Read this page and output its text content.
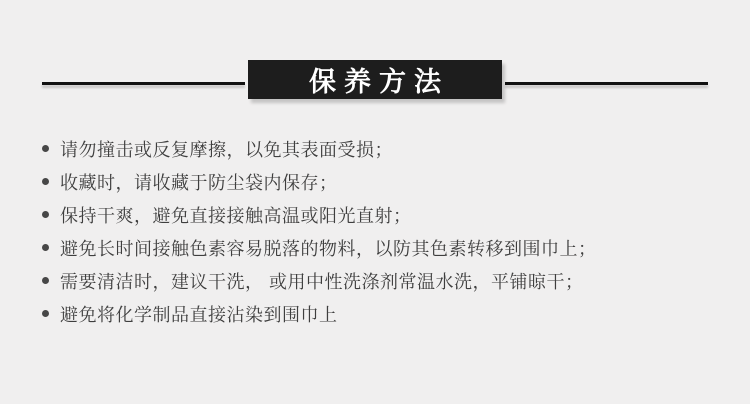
保养方法
请勿撞击或反复摩擦，以免其表面受损；
收藏时，请收藏于防尘袋内保存；
保持干爽，避免直接接触高温或阳光直射；
避免长时间接触色素容易脱落的物料，以防其色素转移到围巾上；
需要清洁时，建议干洗， 或用中性洗涤剂常温水洗，平铺晾干；
避免将化学制品直接沾染到围巾上
